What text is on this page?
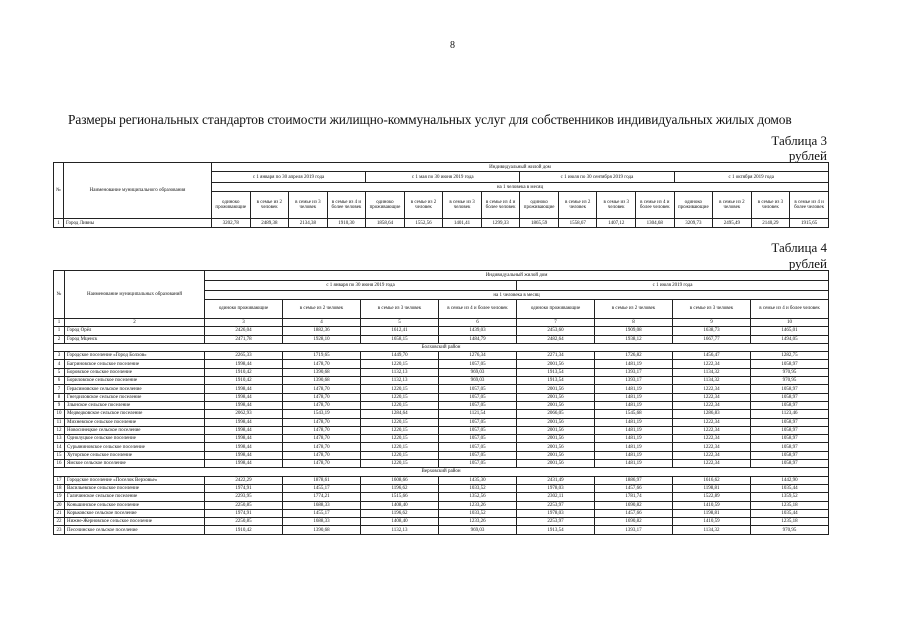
8
Размеры региональных стандартов стоимости жилищно-коммунальных услуг для собственников индивидуальных жилых домов
Таблица 3
рублей
№	Наименование муниципального образования	Индивидуальный жилой дом															
		с 1 января по 30 апреля 2019 года				с 1 мая по 30 июня 2019 года				с 1 июля по 30 сентября 2019 года				с 1 октября 2019 года			
		на 1 человека в месяц															
		одиноко проживающие	в семье из 2 человек	в семье из 3 человек	в семье из 4 и более человек	одиноко проживающие	в семье из 2 человек	в семье из 3 человек	в семье из 4 и более человек	одиноко проживающие	в семье из 2 человек	в семье из 3 человек	в семье из 4 и более человек	одиноко проживающие	в семье из 2 человек	в семье из 3 человек	в семье из 4 и более человек
1	Город Ливны	3202,78	2489,38	2134,38	1910,30	1858,64	1552,56	1401,41	1299,33	1865,59	1558,67	1407,12	1304,68	3209,73	2495,49	2140,29	1915,65
Таблица 4
рублей
№	Наименование муниципальных образований	Индивидуальный жилой дом							
		с 1 января по 30 июня 2019 года				с 1 июля 2019 года			
		на 1 человека в месяц							
		одиноко проживающие	в семье из 2 человек	в семье из 3 человек	в семье из 4 и более человек	одиноко проживающие	в семье из 2 человек	в семье из 3 человек	в семье из 4 и более человек
1	2	3	4	5	6	7	8	9	10
1	Город Орёл	2426,04	1882,36	1612,41	1439,03	2453,60	1909,08	1638,73	1465,01
2	Город Мценск	2471,78	1928,10	1658,15	1484,79	2482,64	1938,12	1667,77	1494,05
Болховский район									
3	Городское поселение «Город Болхов»	2265,33	1719,65	1449,70	1276,34	2271,34	1726,82	1456,47	1282,75
4	Багриновское сельское поселение	1998,44	1478,70	1220,15	1057,05	2001,56	1481,19	1222,34	1058,97
5	Боровское сельское поселение	1910,42	1390,68	1132,13	969,03	1913,54	1393,17	1134,32	970,95
6	Бориловское сельское поселение	1910,42	1390,68	1132,13	969,03	1913,54	1393,17	1134,32	970,95
7	Герасимовское сельское поселение	1998,44	1478,70	1220,15	1057,05	2001,56	1481,19	1222,34	1058,97
8	Гнездиловское сельское поселение	1998,44	1478,70	1220,15	1057,05	2001,56	1481,19	1222,34	1058,97
9	Злынское сельское поселение	1998,44	1478,70	1220,15	1057,05	2001,56	1481,19	1222,34	1058,97
10	Медведковское сельское поселение	2062,93	1543,19	1284,64	1121,54	2066,05	1545,68	1286,83	1123,46
11	Михневское сельское поселение	1998,44	1478,70	1220,15	1057,05	2001,56	1481,19	1222,34	1058,97
12	Новосинецкое сельское поселение	1998,44	1478,70	1220,15	1057,05	2001,56	1481,19	1222,34	1058,97
13	Однолуцкое сельское поселение	1998,44	1478,70	1220,15	1057,05	2001,56	1481,19	1222,34	1058,97
14	Сурьяниновское сельское поселение	1998,44	1478,70	1220,15	1057,05	2001,56	1481,19	1222,34	1058,97
15	Хуторское сельское поселение	1998,44	1478,70	1220,15	1057,05	2001,56	1481,19	1222,34	1058,97
16	Ямское сельское поселение	1998,44	1478,70	1220,15	1057,05	2001,56	1481,19	1222,34	1058,97
Верховский район									
17	Городское поселение «Поселок Верховье»	2422,29	1878,61	1608,66	1435,30	2431,49	1886,97	1616,62	1442,90
18	Васильевское сельское поселение	1974,91	1455,17	1196,62	1033,52	1978,03	1457,66	1198,81	1035,44
19	Галичинское сельское поселение	2293,95	1774,21	1515,66	1352,56	2302,11	1781,74	1522,89	1359,52
20	Коньшинское сельское поселение	2250,85	1688,33	1408,40	1233,26	2253,97	1690,82	1410,59	1235,18
21	Корьковское сельское поселение	1974,91	1455,17	1196,62	1033,52	1978,03	1457,66	1198,81	1035,44
22	Нижне-Жерновское сельское поселение	2250,85	1688,33	1408,40	1233,26	2253,97	1690,82	1410,59	1235,18
23	Песочинское сельское поселение	1910,42	1390,68	1132,13	969,03	1913,54	1393,17	1134,32	970,95
